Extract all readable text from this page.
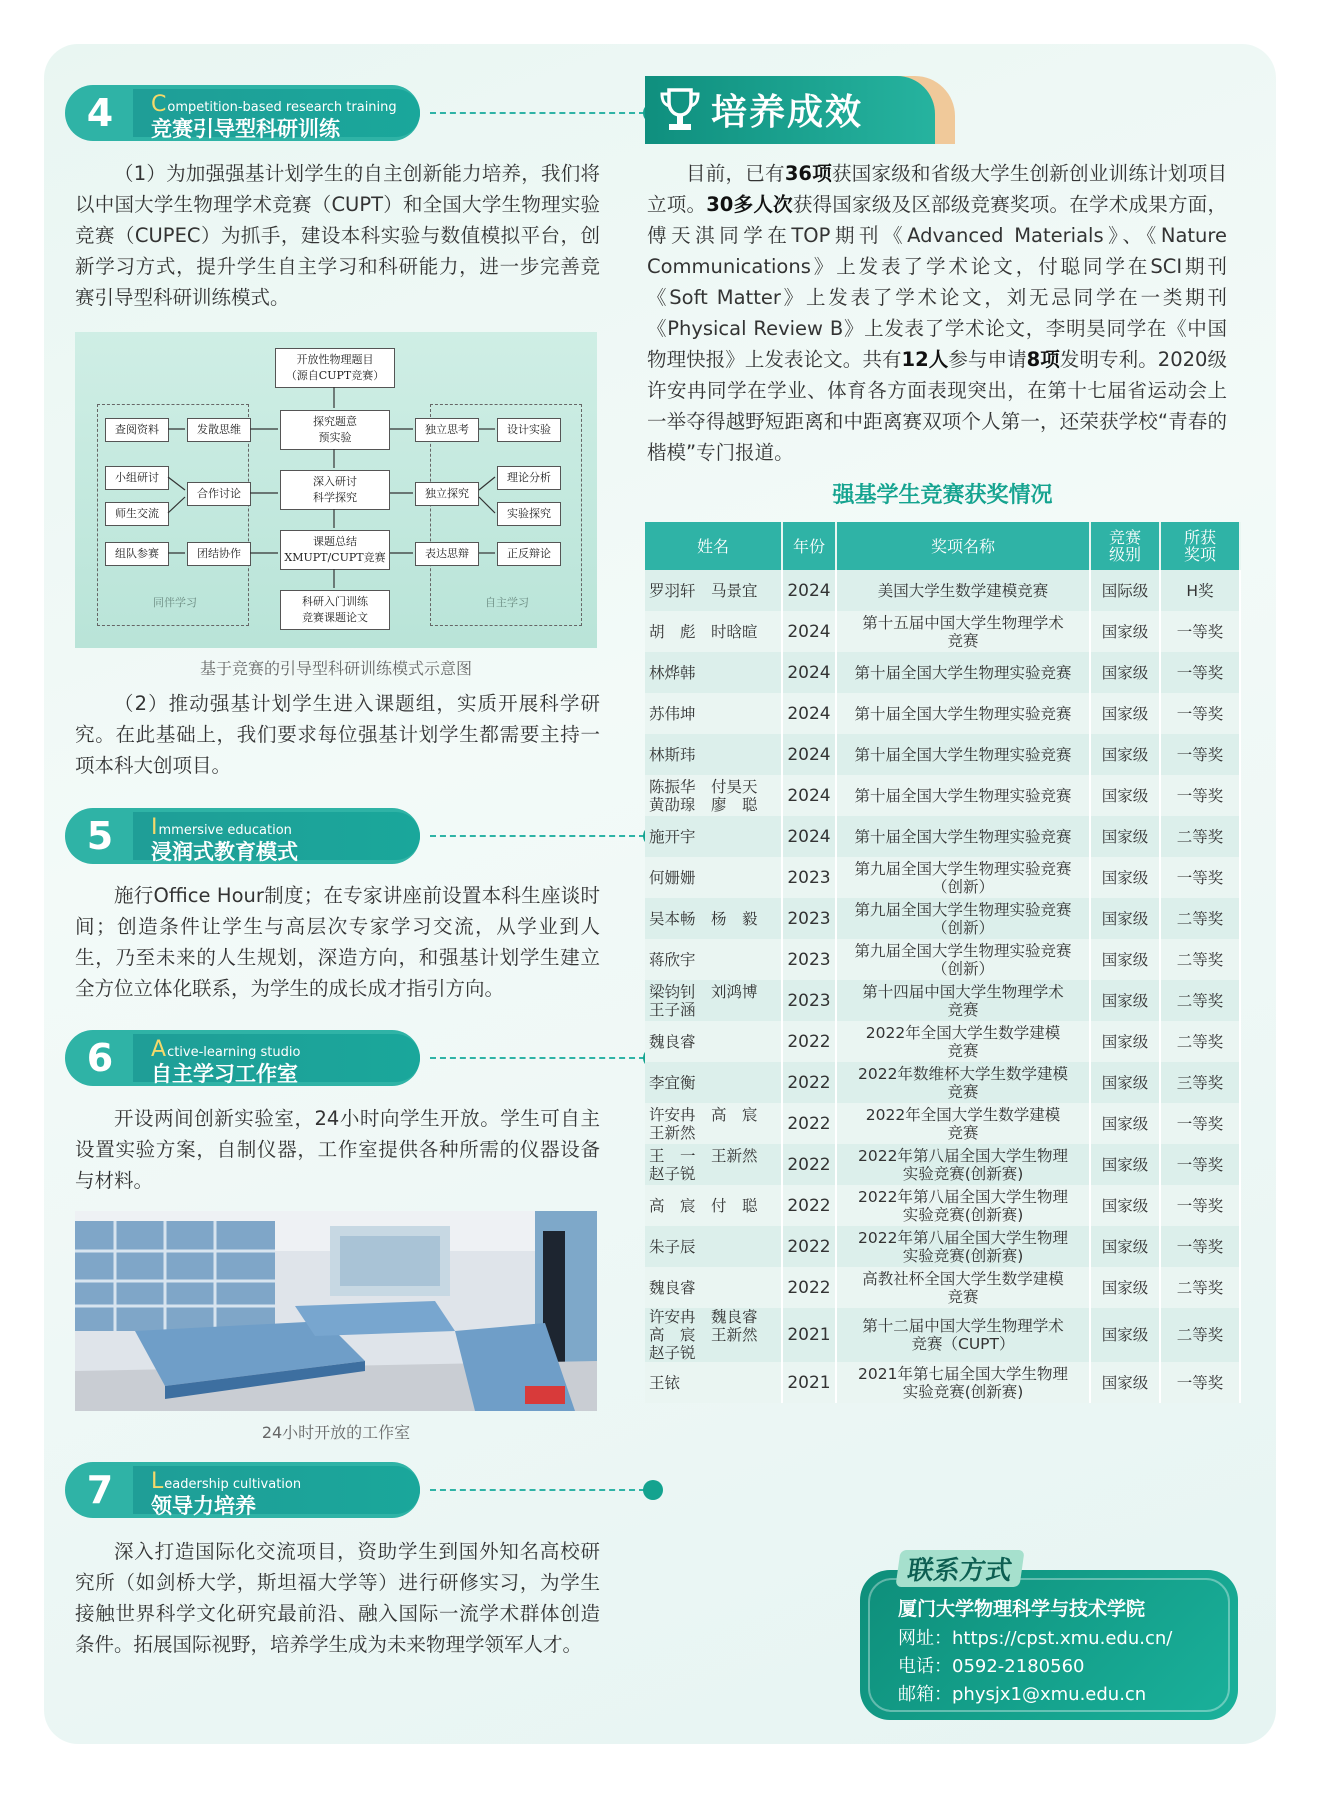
4	Competition-based research training
竞赛引导型科研训练

（1）为加强强基计划学生的自主创新能力培养，我们将以中国大学生物理学术竞赛（CUPT）和全国大学生物理实验竞赛（CUPEC）为抓手，建设本科实验与数值模拟平台，创新学习方式，提升学生自主学习和科研能力，进一步完善竞赛引导型科研训练模式。

开放性物理题目
（源自CUPT竞赛）
探究题意
预实验
深入研讨
科学探究
课题总结
XMUPT/CUPT竞赛
科研入门训练
竞赛课题论文
查阅资料	发散思维
小组研讨
师生交流
合作讨论
组队参赛	团结协作
独立思考	设计实验
理论分析
独立探究
实验探究
表达思辩	正反辩论
同伴学习	自主学习
基于竞赛的引导型科研训练模式示意图

（2）推动强基计划学生进入课题组，实质开展科学研究。在此基础上，我们要求每位强基计划学生都需要主持一项本科大创项目。

5	Immersive education
浸润式教育模式

施行Office Hour制度；在专家讲座前设置本科生座谈时间；创造条件让学生与高层次专家学习交流，从学业到人生，乃至未来的人生规划，深造方向，和强基计划学生建立全方位立体化联系，为学生的成长成才指引方向。

6	Active-learning studio
自主学习工作室

开设两间创新实验室，24小时向学生开放。学生可自主设置实验方案，自制仪器，工作室提供各种所需的仪器设备与材料。

24小时开放的工作室
7	Leadership cultivation
领导力培养

深入打造国际化交流项目，资助学生到国外知名高校研究所（如剑桥大学，斯坦福大学等）进行研修实习，为学生接触世界科学文化研究最前沿、融入国际一流学术群体创造条件。拓展国际视野，培养学生成为未来物理学领军人才。

培养成效

目前，已有36项获国家级和省级大学生创新创业训练计划项目立项。30多人次获得国家级及区部级竞赛奖项。在学术成果方面，傅天淇同学在TOP期刊《Advanced Materials》、《Nature Communications》上发表了学术论文，付聪同学在SCI期刊《Soft Matter》上发表了学术论文，刘无忌同学在一类期刊《Physical Review B》上发表了学术论文，李明昊同学在《中国物理快报》上发表论文。共有12人参与申请8项发明专利。2020级许安冉同学在学业、体育各方面表现突出，在第十七届省运动会上一举夺得越野短距离和中距离赛双项个人第一，还荣获学校“青春的楷模”专门报道。

强基学生竞赛获奖情况
姓名	年份	奖项名称	竞赛
级别	所获
奖项
罗羽轩　马景宜	2024	美国大学生数学建模竞赛	国际级	H奖
胡　彪　时晗暄	2024	第十五届中国大学生物理学术
竞赛	国家级	一等奖
林烨韩	2024	第十届全国大学生物理实验竞赛	国家级	一等奖
苏伟坤	2024	第十届全国大学生物理实验竞赛	国家级	一等奖
林斯玮	2024	第十届全国大学生物理实验竞赛	国家级	一等奖
陈振华　付昊天
黄劭瑔　廖　聪	2024	第十届全国大学生物理实验竞赛	国家级	一等奖
施开宇	2024	第十届全国大学生物理实验竞赛	国家级	二等奖
何姗姗	2023	第九届全国大学生物理实验竞赛
（创新）	国家级	一等奖
吴本畅　杨　毅	2023	第九届全国大学生物理实验竞赛
（创新）	国家级	二等奖
蒋欣宇	2023	第九届全国大学生物理实验竞赛
（创新）	国家级	二等奖
梁钧钊　刘鸿博
王子涵	2023	第十四届中国大学生物理学术
竞赛	国家级	二等奖
魏良睿	2022	2022年全国大学生数学建模
竞赛	国家级	二等奖
李宜衡	2022	2022年数维杯大学生数学建模
竞赛	国家级	三等奖
许安冉　高　宸
王新然	2022	2022年全国大学生数学建模
竞赛	国家级	一等奖
王　一　王新然
赵子锐	2022	2022年第八届全国大学生物理
实验竞赛(创新赛)	国家级	一等奖
高　宸　付　聪	2022	2022年第八届全国大学生物理
实验竞赛(创新赛)	国家级	一等奖
朱子辰	2022	2022年第八届全国大学生物理
实验竞赛(创新赛)	国家级	一等奖
魏良睿	2022	高教社杯全国大学生数学建模
竞赛	国家级	二等奖
许安冉　魏良睿
高　宸　王新然
赵子锐	2021	第十二届中国大学生物理学术
竞赛（CUPT）	国家级	二等奖
王铱	2021	2021年第七届全国大学生物理
实验竞赛(创新赛)	国家级	一等奖
联系方式
厦门大学物理科学与技术学院
网址：https://cpst.xmu.edu.cn/
电话：0592-2180560
邮箱：physjx1@xmu.edu.cn
